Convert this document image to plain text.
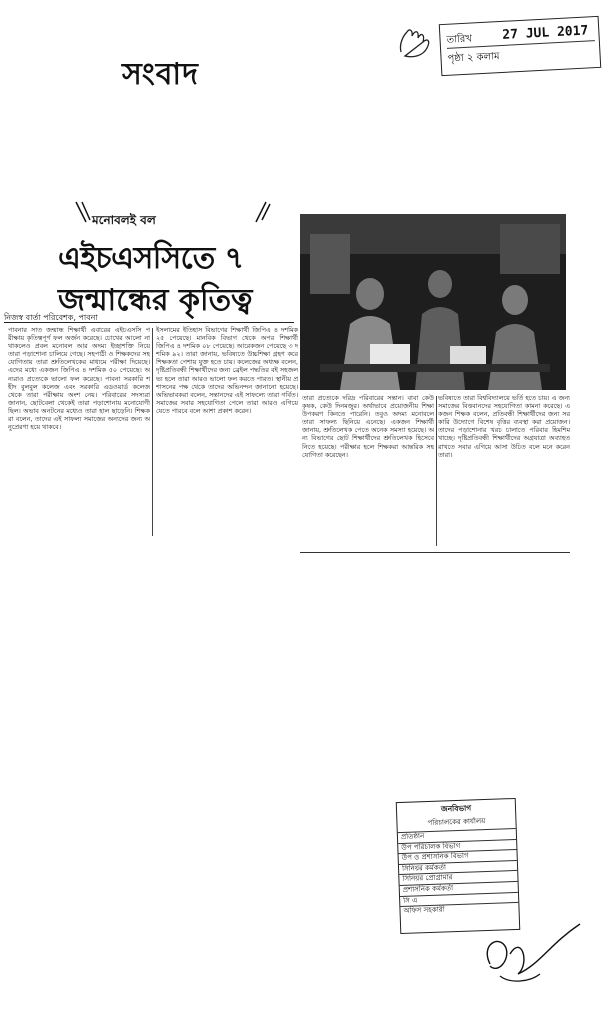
সংবাদ
তারিখ 27 JUL 2017
পৃষ্ঠা ২ কলাম
মনোবলই বল
এইচএসসিতে ৭
জন্মান্ধের কৃতিত্ব
নিজস্ব বার্তা পরিবেশক, পাবনা
পাবনার সাত জন্মান্ধ শিক্ষার্থী এবারের এইচএসসি পরীক্ষায় কৃতিত্বপূর্ণ ফল অর্জন করেছে। চোখের আলো না থাকলেও প্রবল মনোবল আর অদম্য ইচ্ছাশক্তি নিয়ে তারা পড়াশোনা চালিয়ে গেছে। সহপাঠী ও শিক্ষকদের সহযোগিতায় তারা শ্রুতিলেখকের মাধ্যমে পরীক্ষা দিয়েছে। এদের মধ্যে একজন জিপিএ ৪ দশমিক ৫০ পেয়েছে। অন্যরাও প্রত্যেকে ভালো ফল করেছে। পাবনা সরকারি শহীদ বুলবুল কলেজ এবং সরকারি এডওয়ার্ড কলেজ থেকে তারা পরীক্ষায় অংশ নেয়। পরিবারের সদস্যরা জানান, ছোটবেলা থেকেই তারা পড়াশোনায় মনোযোগী ছিল। অভাব অনটনের মধ্যেও তারা হাল ছাড়েনি। শিক্ষকরা বলেন, তাদের এই সাফল্য সমাজের অন্যদের জন্য অনুপ্রেরণা হয়ে থাকবে।
ইসলামের ইতিহাস বিভাগের শিক্ষার্থী জিপিএ ৪ দশমিক ২৫ পেয়েছে। মানবিক বিভাগ থেকে অপর শিক্ষার্থী জিপিএ ৪ দশমিক ০৮ পেয়েছে। আরেকজন পেয়েছে ৩ দশমিক ৯২। তারা জানায়, ভবিষ্যতে উচ্চশিক্ষা গ্রহণ করে শিক্ষকতা পেশায় যুক্ত হতে চায়। কলেজের অধ্যক্ষ বলেন, দৃষ্টিপ্রতিবন্ধী শিক্ষার্থীদের জন্য ব্রেইল পদ্ধতির বই সহজলভ্য হলে তারা আরও ভালো ফল করতে পারত। স্থানীয় প্রশাসনের পক্ষ থেকে তাদের অভিনন্দন জানানো হয়েছে। অভিভাবকরা বলেন, সন্তানদের এই সাফল্যে তারা গর্বিত। সমাজের সবার সহযোগিতা পেলে তারা আরও এগিয়ে যেতে পারবে বলে আশা প্রকাশ করেন।
তারা প্রত্যেকে দরিদ্র পরিবারের সন্তান। বাবা কেউ কৃষক, কেউ দিনমজুর। অর্থাভাবে প্রয়োজনীয় শিক্ষা উপকরণ কিনতে পারেনি। তবুও অদম্য মনোবলে তারা সাফল্য ছিনিয়ে এনেছে। একজন শিক্ষার্থী জানায়, শ্রুতিলেখক পেতে অনেক সমস্যা হয়েছে। অন্য বিভাগের ছোট শিক্ষার্থীদের শ্রুতিলেখক হিসেবে নিতে হয়েছে। পরীক্ষার হলে শিক্ষকরা আন্তরিক সহযোগিতা করেছেন।
ভবিষ্যতে তারা বিশ্ববিদ্যালয়ে ভর্তি হতে চায়। এ জন্য সমাজের বিত্তবানদের সহযোগিতা কামনা করেছে। একজন শিক্ষক বলেন, প্রতিবন্ধী শিক্ষার্থীদের জন্য সরকারি উদ্যোগে বিশেষ বৃত্তির ব্যবস্থা করা প্রয়োজন। তাদের পড়াশোনার খরচ চালাতে পরিবার হিমশিম খাচ্ছে। দৃষ্টিপ্রতিবন্ধী শিক্ষার্থীদের অগ্রযাত্রা অব্যাহত রাখতে সবার এগিয়ে আসা উচিত বলে মনে করেন তারা।
জনবিভাগ
পরিচালকের কার্যালয়
প্রতিষ্ঠান
উপ পরিচালক বিভাগ
উপ ও প্রশাসনিক বিভাগ
সিনিয়র কর্মকর্তা
সিনিয়র প্রোগ্রামার
প্রশাসনিক কর্মকর্তা
সি এ
অফিস সহকারী
